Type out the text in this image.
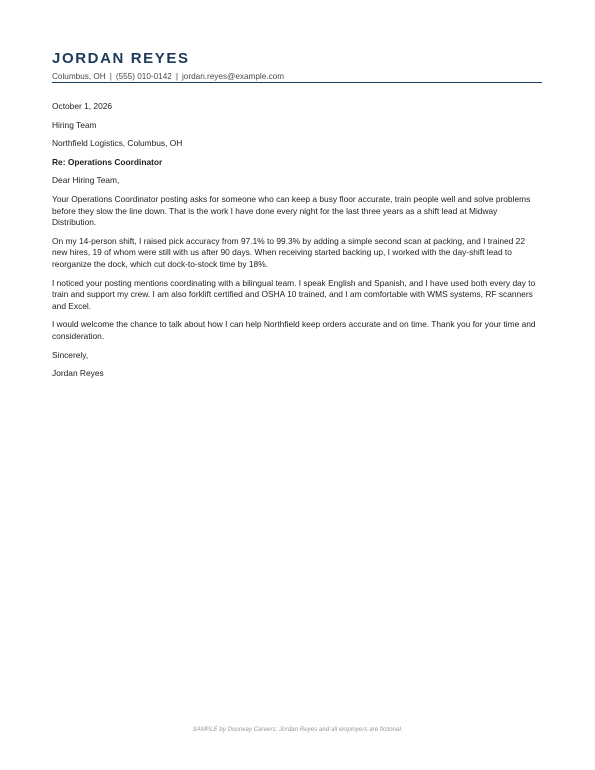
JORDAN REYES
Columbus, OH | (555) 010-0142 | jordan.reyes@example.com

October 1, 2026

Hiring Team

Northfield Logistics, Columbus, OH

Re: Operations Coordinator

Dear Hiring Team,

Your Operations Coordinator posting asks for someone who can keep a busy floor accurate, train people well and solve problems before they slow the line down. That is the work I have done every night for the last three years as a shift lead at Midway Distribution.

On my 14-person shift, I raised pick accuracy from 97.1% to 99.3% by adding a simple second scan at packing, and I trained 22 new hires, 19 of whom were still with us after 90 days. When receiving started backing up, I worked with the day-shift lead to reorganize the dock, which cut dock-to-stock time by 18%.

I noticed your posting mentions coordinating with a bilingual team. I speak English and Spanish, and I have used both every day to train and support my crew. I am also forklift certified and OSHA 10 trained, and I am comfortable with WMS systems, RF scanners and Excel.

I would welcome the chance to talk about how I can help Northfield keep orders accurate and on time. Thank you for your time and consideration.

Sincerely,

Jordan Reyes

SAMPLE by Doorway Careers: Jordan Reyes and all employers are fictional.
